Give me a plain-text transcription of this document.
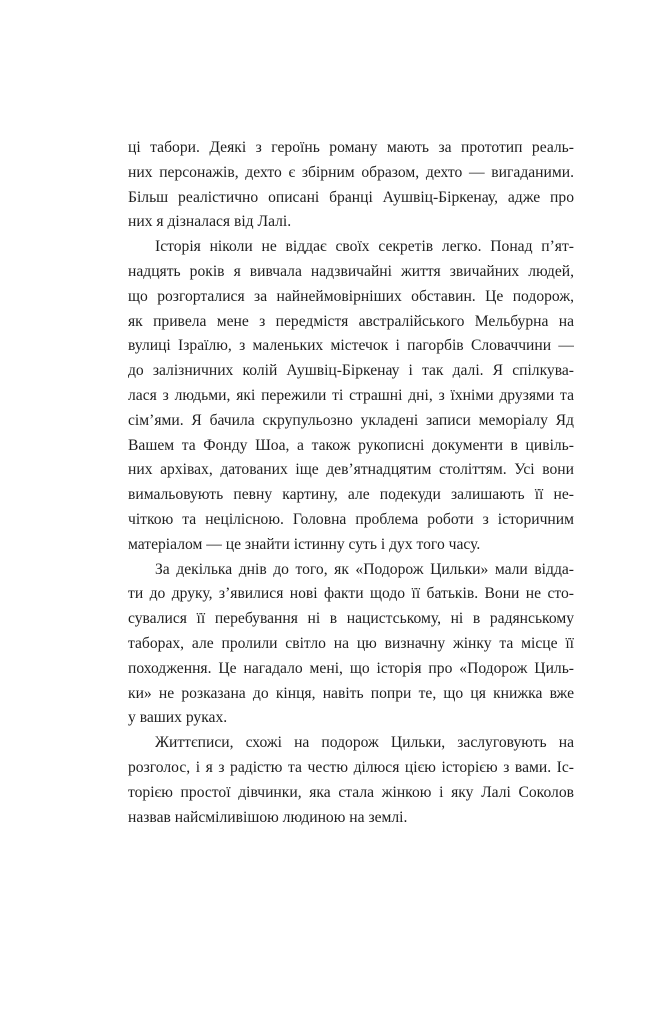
ці табори. Деякі з героїнь роману мають за прототип реаль-
них персонажів, дехто є збірним образом, дехто — вигаданими.
Більш реалістично описані бранці Аушвіц-Біркенау, адже про
них я дізналася від Лалі.
Історія ніколи не віддає своїх секретів легко. Понад п’ят-
надцять років я вивчала надзвичайні життя звичайних людей,
що розгорталися за найнеймовірніших обставин. Це подорож,
як привела мене з передмістя австралійського Мельбурна на
вулиці Ізраїлю, з маленьких містечок і пагорбів Словаччини —
до залізничних колій Аушвіц-Біркенау і так далі. Я спілкува-
лася з людьми, які пережили ті страшні дні, з їхніми друзями та
сім’ями. Я бачила скрупульозно укладені записи меморіалу Яд
Вашем та Фонду Шоа, а також рукописні документи в цивіль-
них архівах, датованих іще дев’ятнадцятим століттям. Усі вони
вимальовують певну картину, але подекуди залишають її не-
чіткою та нецілісною. Головна проблема роботи з історичним
матеріалом — це знайти істинну суть і дух того часу.
За декілька днів до того, як «Подорож Цильки» мали відда-
ти до друку, з’явилися нові факти щодо її батьків. Вони не сто-
сувалися її перебування ні в нацистському, ні в радянському
таборах, але пролили світло на цю визначну жінку та місце її
походження. Це нагадало мені, що історія про «Подорож Циль-
ки» не розказана до кінця, навіть попри те, що ця книжка вже
у ваших руках.
Життєписи, схожі на подорож Цильки, заслуговують на
розголос, і я з радістю та честю ділюся цією історією з вами. Іс-
торією простої дівчинки, яка стала жінкою і яку Лалі Соколов
назвав найсміливішою людиною на землі.
